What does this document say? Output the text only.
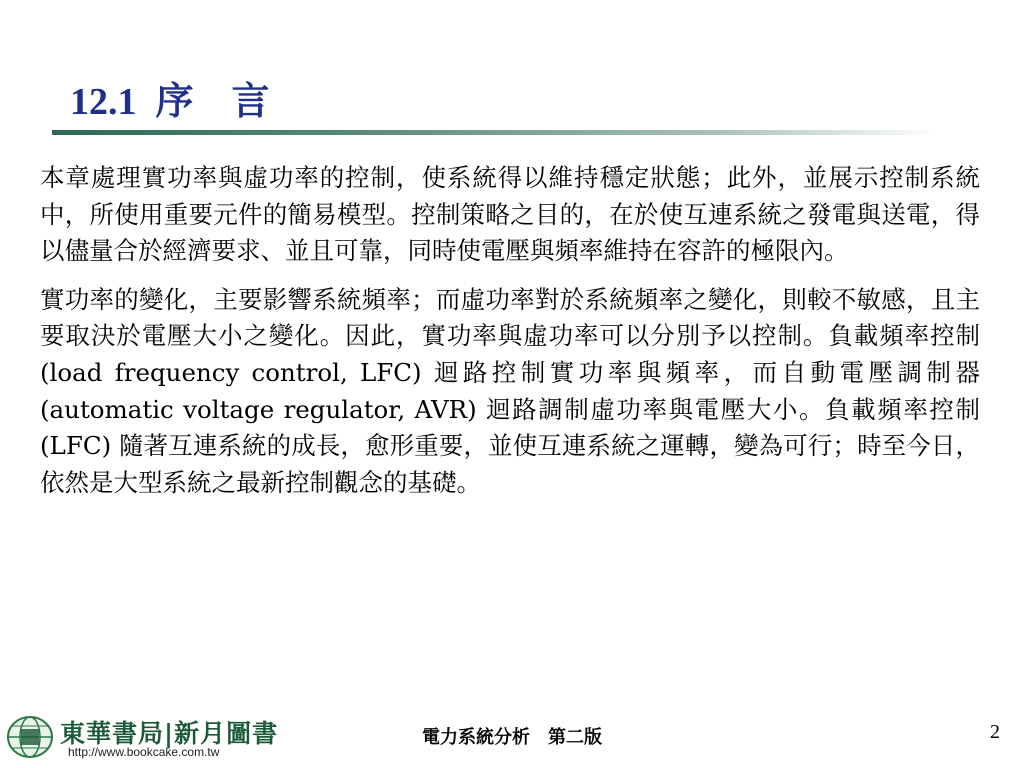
12.1  序　言

本章處理實功率與虛功率的控制，使系統得以維持穩定狀態；此外，並展示控制系統中，所使用重要元件的簡易模型。控制策略之目的，在於使互連系統之發電與送電，得以儘量合於經濟要求、並且可靠，同時使電壓與頻率維持在容許的極限內。

實功率的變化，主要影響系統頻率；而虛功率對於系統頻率之變化，則較不敏感，且主要取決於電壓大小之變化。因此，實功率與虛功率可以分別予以控制。負載頻率控制 (load frequency control, LFC) 迴路控制實功率與頻率，而自動電壓調制器 (automatic voltage regulator, AVR) 迴路調制虛功率與電壓大小。負載頻率控制 (LFC) 隨著互連系統的成長，愈形重要，並使互連系統之運轉，變為可行；時至今日，依然是大型系統之最新控制觀念的基礎。

東華書局|新月圖書
http://www.bookcake.com.tw
電力系統分析　第二版	2
